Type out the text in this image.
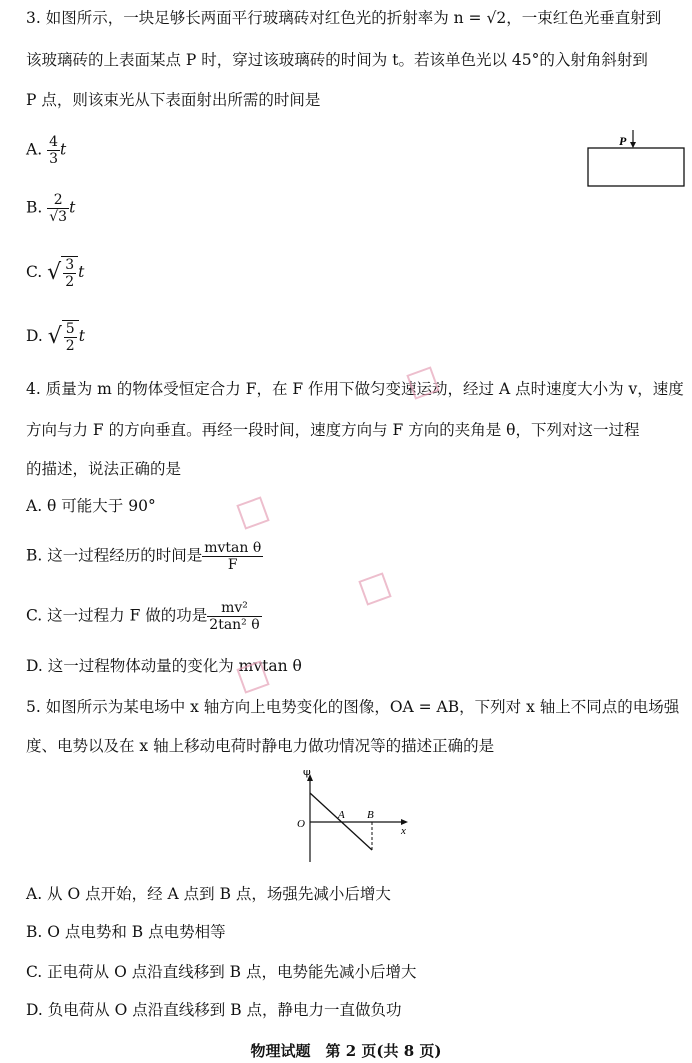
3. 如图所示，一块足够长两面平行玻璃砖对红色光的折射率为 n = √2，一束红色光垂直射到
该玻璃砖的上表面某点 P 时，穿过该玻璃砖的时间为 t。若该单色光以 45°的入射角斜射到
P 点，则该束光从下表面射出所需的时间是
A. $\frac{4}{3}$ t
B. $\frac{2}{√3}$ t
C. √ $\frac{3}{2}$ t
D. √ $\frac{5}{2}$ t
P
4. 质量为 m 的物体受恒定合力 F，在 F 作用下做匀变速运动，经过 A 点时速度大小为 v，速度
方向与力 F 的方向垂直。再经一段时间，速度方向与 F 方向的夹角是 θ，下列对这一过程
的描述，说法正确的是
A. θ 可能大于 90°
B. 这一过程经历的时间是 $\frac{\text{mvtan θ}}{F}$
C. 这一过程力 F 做的功是 $\frac{\text{mv²}}{\text{2tan² θ}}$
D. 这一过程物体动量的变化为 mvtan θ
5. 如图所示为某电场中 x 轴方向上电势变化的图像，OA = AB，下列对 x 轴上不同点的电场强
度、电势以及在 x 轴上移动电荷时静电力做功情况等的描述正确的是
φ
O
A B
x
A. 从 O 点开始，经 A 点到 B 点，场强先减小后增大
B. O 点电势和 B 点电势相等
C. 正电荷从 O 点沿直线移到 B 点，电势能先减小后增大
D. 负电荷从 O 点沿直线移到 B 点，静电力一直做负功
物理试题　第 2 页(共 8 页)
